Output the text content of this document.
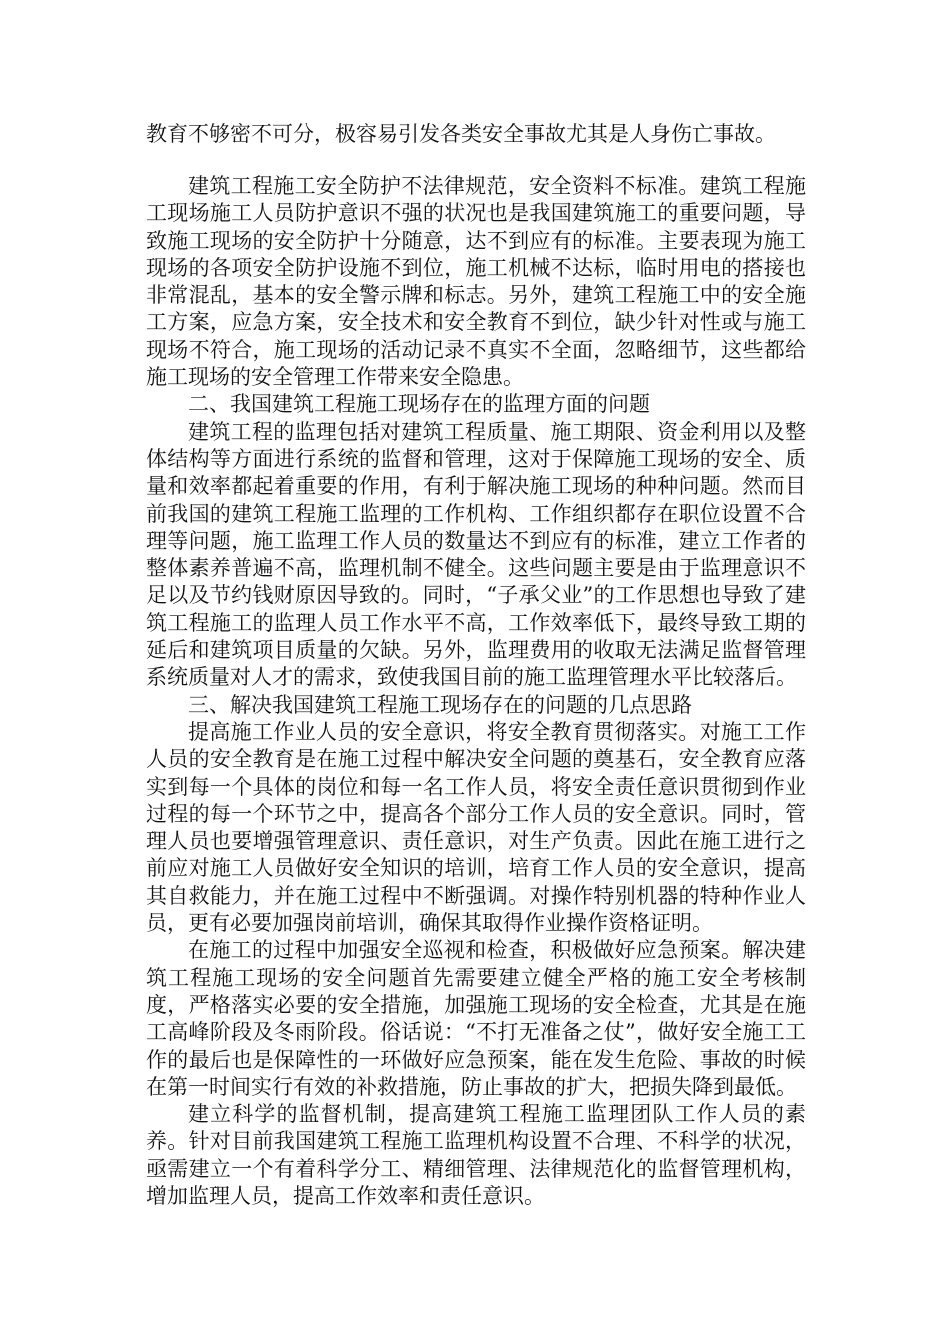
教育不够密不可分，极容易引发各类安全事故尤其是人身伤亡事故。

建筑工程施工安全防护不法律规范，安全资料不标准。建筑工程施工现场施工人员防护意识不强的状况也是我国建筑施工的重要问题，导致施工现场的安全防护十分随意，达不到应有的标准。主要表现为施工现场的各项安全防护设施不到位，施工机械不达标，临时用电的搭接也非常混乱，基本的安全警示牌和标志。另外，建筑工程施工中的安全施工方案，应急方案，安全技术和安全教育不到位，缺少针对性或与施工现场不符合，施工现场的活动记录不真实不全面，忽略细节，这些都给施工现场的安全管理工作带来安全隐患。

二、我国建筑工程施工现场存在的监理方面的问题

建筑工程的监理包括对建筑工程质量、施工期限、资金利用以及整体结构等方面进行系统的监督和管理，这对于保障施工现场的安全、质量和效率都起着重要的作用，有利于解决施工现场的种种问题。然而目前我国的建筑工程施工监理的工作机构、工作组织都存在职位设置不合理等问题，施工监理工作人员的数量达不到应有的标准，建立工作者的整体素养普遍不高，监理机制不健全。这些问题主要是由于监理意识不足以及节约钱财原因导致的。同时，“子承父业”的工作思想也导致了建筑工程施工的监理人员工作水平不高，工作效率低下，最终导致工期的延后和建筑项目质量的欠缺。另外，监理费用的收取无法满足监督管理系统质量对人才的需求，致使我国目前的施工监理管理水平比较落后。

三、解决我国建筑工程施工现场存在的问题的几点思路

提高施工作业人员的安全意识，将安全教育贯彻落实。对施工工作人员的安全教育是在施工过程中解决安全问题的奠基石，安全教育应落实到每一个具体的岗位和每一名工作人员，将安全责任意识贯彻到作业过程的每一个环节之中，提高各个部分工作人员的安全意识。同时，管理人员也要增强管理意识、责任意识，对生产负责。因此在施工进行之前应对施工人员做好安全知识的培训，培育工作人员的安全意识，提高其自救能力，并在施工过程中不断强调。对操作特别机器的特种作业人员，更有必要加强岗前培训，确保其取得作业操作资格证明。

在施工的过程中加强安全巡视和检查，积极做好应急预案。解决建筑工程施工现场的安全问题首先需要建立健全严格的施工安全考核制度，严格落实必要的安全措施，加强施工现场的安全检查，尤其是在施工高峰阶段及冬雨阶段。俗话说：“不打无准备之仗”，做好安全施工工作的最后也是保障性的一环做好应急预案，能在发生危险、事故的时候在第一时间实行有效的补救措施，防止事故的扩大，把损失降到最低。

建立科学的监督机制，提高建筑工程施工监理团队工作人员的素养。针对目前我国建筑工程施工监理机构设置不合理、不科学的状况，亟需建立一个有着科学分工、精细管理、法律规范化的监督管理机构，增加监理人员，提高工作效率和责任意识。
